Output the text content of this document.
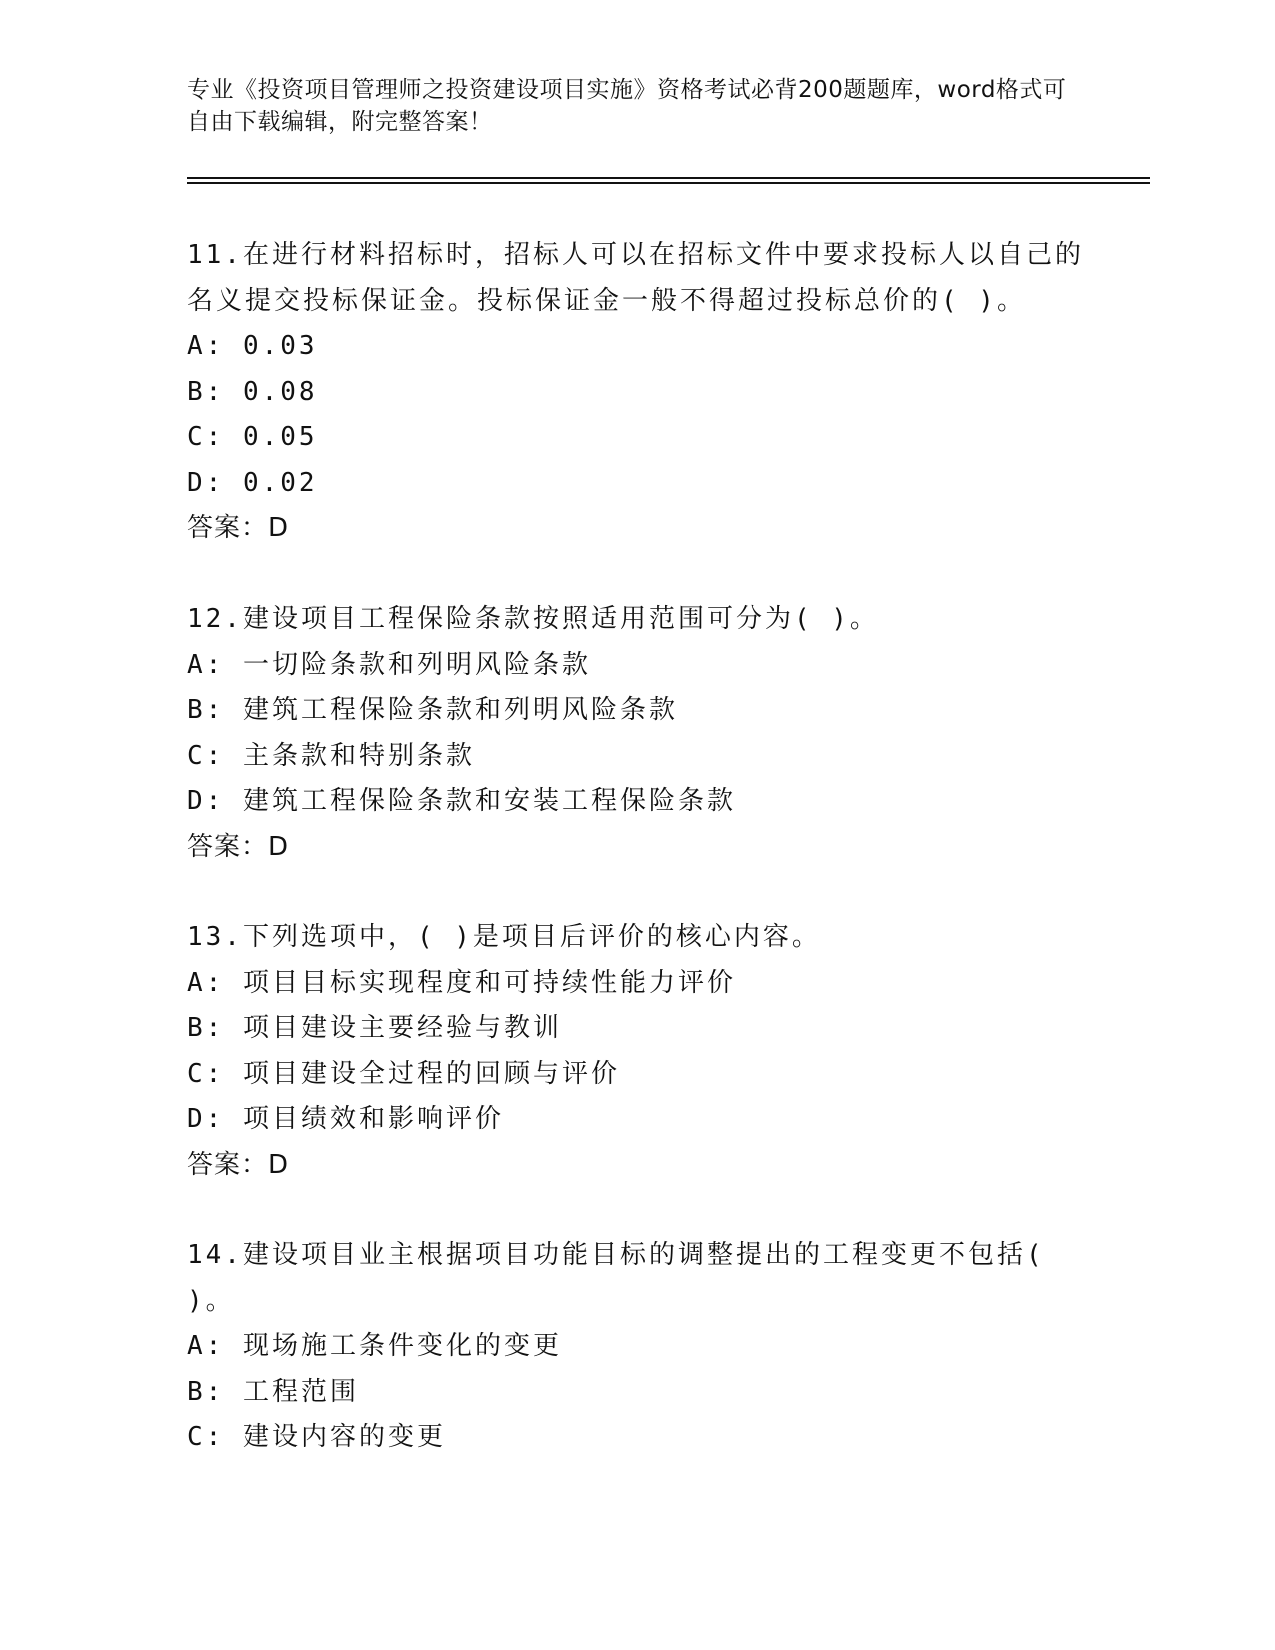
专业《投资项目管理师之投资建设项目实施》资格考试必背200题题库，word格式可自由下载编辑，附完整答案！
11.在进行材料招标时，招标人可以在招标文件中要求投标人以自己的
名义提交投标保证金。投标保证金一般不得超过投标总价的( )。
A: 0.03
B: 0.08
C: 0.05
D: 0.02
答案：D
12.建设项目工程保险条款按照适用范围可分为( )。
A: 一切险条款和列明风险条款
B: 建筑工程保险条款和列明风险条款
C: 主条款和特别条款
D: 建筑工程保险条款和安装工程保险条款
答案：D
13.下列选项中，( )是项目后评价的核心内容。
A: 项目目标实现程度和可持续性能力评价
B: 项目建设主要经验与教训
C: 项目建设全过程的回顾与评价
D: 项目绩效和影响评价
答案：D
14.建设项目业主根据项目功能目标的调整提出的工程变更不包括(
)。
A: 现场施工条件变化的变更
B: 工程范围
C: 建设内容的变更
